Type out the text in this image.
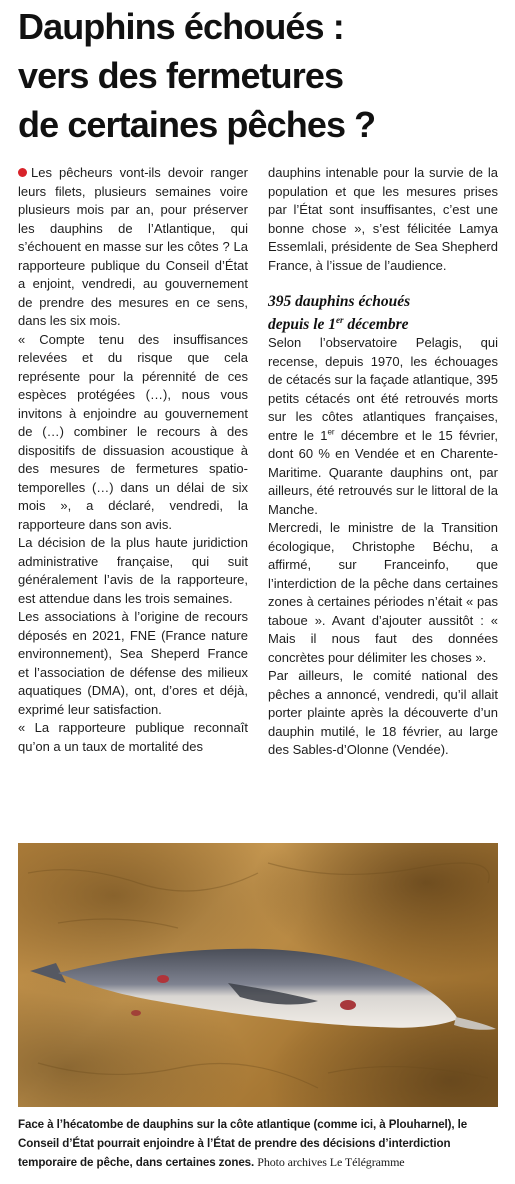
Dauphins échoués :
vers des fermetures
de certaines pêches ?

Les pêcheurs vont-ils devoir ranger leurs filets, plusieurs semaines voire plusieurs mois par an, pour préserver les dauphins de l’Atlantique, qui s’échouent en masse sur les côtes ? La rapporteure publique du Conseil d’État a enjoint, vendredi, au gouvernement de prendre des mesures en ce sens, dans les six mois.

« Compte tenu des insuffisances relevées et du risque que cela représente pour la pérennité de ces espèces protégées (…), nous vous invitons à enjoindre au gouvernement de (…) combiner le recours à des dispositifs de dissuasion acoustique à des mesures de fermetures spatio-temporelles (…) dans un délai de six mois », a déclaré, vendredi, la rapporteure dans son avis.

La décision de la plus haute juridiction administrative française, qui suit généralement l’avis de la rapporteure, est attendue dans les trois semaines.

Les associations à l’origine de recours déposés en 2021, FNE (France nature environnement), Sea Sheperd France et l’association de défense des milieux aquatiques (DMA), ont, d’ores et déjà, exprimé leur satisfaction.

« La rapporteure publique reconnaît qu’on a un taux de mortalité des

dauphins intenable pour la survie de la population et que les mesures prises par l’État sont insuffisantes, c’est une bonne chose », s’est félicitée Lamya Essemlali, présidente de Sea Shepherd France, à l’issue de l’audience.

395 dauphins échoués
depuis le 1er décembre

Selon l’observatoire Pelagis, qui recense, depuis 1970, les échouages de cétacés sur la façade atlantique, 395 petits cétacés ont été retrouvés morts sur les côtes atlantiques françaises, entre le 1er décembre et le 15 février, dont 60 % en Vendée et en Charente-Maritime. Quarante dauphins ont, par ailleurs, été retrouvés sur le littoral de la Manche.

Mercredi, le ministre de la Transition écologique, Christophe Béchu, a affirmé, sur Franceinfo, que l’interdiction de la pêche dans certaines zones à certaines périodes n’était « pas taboue ». Avant d’ajouter aussitôt : « Mais il nous faut des données concrètes pour délimiter les choses ».

Par ailleurs, le comité national des pêches a annoncé, vendredi, qu’il allait porter plainte après la découverte d’un dauphin mutilé, le 18 février, au large des Sables-d’Olonne (Vendée).

Face à l’hécatombe de dauphins sur la côte atlantique (comme ici, à Plouharnel), le Conseil d’État pourrait enjoindre à l’État de prendre des décisions d’interdiction temporaire de pêche, dans certaines zones. Photo archives Le Télégramme
